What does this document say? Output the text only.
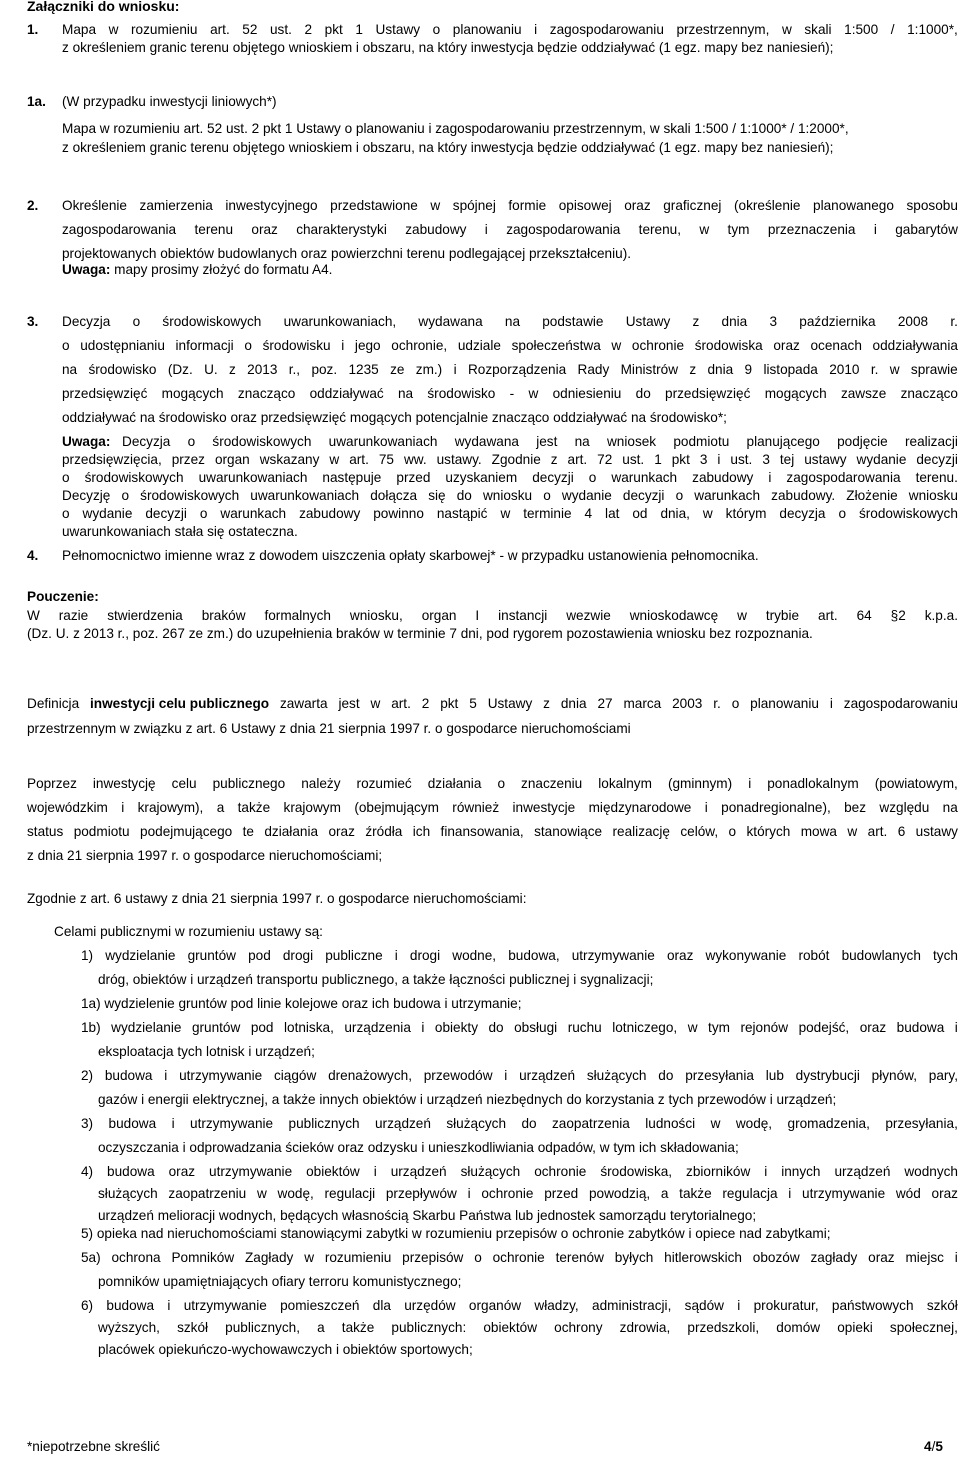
Załączniki do wniosku:
1. Mapa w rozumieniu art. 52 ust. 2 pkt 1 Ustawy o planowaniu i zagospodarowaniu przestrzennym, w skali 1:500 / 1:1000*,
z określeniem granic terenu objętego wnioskiem i obszaru, na który inwestycja będzie oddziaływać (1 egz. mapy bez naniesień);
1a. (W przypadku inwestycji liniowych*)
Mapa w rozumieniu art. 52 ust. 2 pkt 1 Ustawy o planowaniu i zagospodarowaniu przestrzennym, w skali 1:500 / 1:1000* / 1:2000*,
z określeniem granic terenu objętego wnioskiem i obszaru, na który inwestycja będzie oddziaływać (1 egz. mapy bez naniesień);
2. Określenie zamierzenia inwestycyjnego przedstawione w spójnej formie opisowej oraz graficznej (określenie planowanego sposobu
zagospodarowania terenu oraz charakterystyki zabudowy i zagospodarowania terenu, w tym przeznaczenia i gabarytów
projektowanych obiektów budowlanych oraz powierzchni terenu podlegającej przekształceniu).
Uwaga: mapy prosimy złożyć do formatu A4.
3. Decyzja o środowiskowych uwarunkowaniach, wydawana na podstawie Ustawy z dnia 3 października 2008 r.
o udostępnianiu informacji o środowisku i jego ochronie, udziale społeczeństwa w ochronie środowiska oraz ocenach oddziaływania
na środowisko (Dz. U. z 2013 r., poz. 1235 ze zm.) i Rozporządzenia Rady Ministrów z dnia 9 listopada 2010 r. w sprawie
przedsięwzięć mogących znacząco oddziaływać na środowisko - w odniesieniu do przedsięwzięć mogących zawsze znacząco
oddziaływać na środowisko oraz przedsięwzięć mogących potencjalnie znacząco oddziaływać na środowisko*;
Uwaga: Decyzja o środowiskowych uwarunkowaniach wydawana jest na wniosek podmiotu planującego podjęcie realizacji
przedsięwzięcia, przez organ wskazany w art. 75 ww. ustawy. Zgodnie z art. 72 ust. 1 pkt 3 i ust. 3 tej ustawy wydanie decyzji
o środowiskowych uwarunkowaniach następuje przed uzyskaniem decyzji o warunkach zabudowy i zagospodarowania terenu.
Decyzję o środowiskowych uwarunkowaniach dołącza się do wniosku o wydanie decyzji o warunkach zabudowy. Złożenie wniosku
o wydanie decyzji o warunkach zabudowy powinno nastąpić w terminie 4 lat od dnia, w którym decyzja o środowiskowych
uwarunkowaniach stała się ostateczna.
4. Pełnomocnictwo imienne wraz z dowodem uiszczenia opłaty skarbowej* - w przypadku ustanowienia pełnomocnika.
Pouczenie:
W razie stwierdzenia braków formalnych wniosku, organ I instancji wezwie wnioskodawcę w trybie art. 64 §2 k.p.a.
(Dz. U. z 2013 r., poz. 267 ze zm.) do uzupełnienia braków w terminie 7 dni, pod rygorem pozostawienia wniosku bez rozpoznania.
Definicja inwestycji celu publicznego zawarta jest w art. 2 pkt 5 Ustawy z dnia 27 marca 2003 r. o planowaniu i zagospodarowaniu
przestrzennym w związku z art. 6 Ustawy z dnia 21 sierpnia 1997 r. o gospodarce nieruchomościami
Poprzez inwestycję celu publicznego należy rozumieć działania o znaczeniu lokalnym (gminnym) i ponadlokalnym (powiatowym,
wojewódzkim i krajowym), a także krajowym (obejmującym również inwestycje międzynarodowe i ponadregionalne), bez względu na
status podmiotu podejmującego te działania oraz źródła ich finansowania, stanowiące realizację celów, o których mowa w art. 6 ustawy
z dnia 21 sierpnia 1997 r. o gospodarce nieruchomościami;
Zgodnie z art. 6 ustawy z dnia 21 sierpnia 1997 r. o gospodarce nieruchomościami:
Celami publicznymi w rozumieniu ustawy są:
1) wydzielanie gruntów pod drogi publiczne i drogi wodne, budowa, utrzymywanie oraz wykonywanie robót budowlanych tych
dróg, obiektów i urządzeń transportu publicznego, a także łączności publicznej i sygnalizacji;
1a) wydzielenie gruntów pod linie kolejowe oraz ich budowa i utrzymanie;
1b) wydzielanie gruntów pod lotniska, urządzenia i obiekty do obsługi ruchu lotniczego, w tym rejonów podejść, oraz budowa i
eksploatacja tych lotnisk i urządzeń;
2) budowa i utrzymywanie ciągów drenażowych, przewodów i urządzeń służących do przesyłania lub dystrybucji płynów, pary,
gazów i energii elektrycznej, a także innych obiektów i urządzeń niezbędnych do korzystania z tych przewodów i urządzeń;
3) budowa i utrzymywanie publicznych urządzeń służących do zaopatrzenia ludności w wodę, gromadzenia, przesyłania,
oczyszczania i odprowadzania ścieków oraz odzysku i unieszkodliwiania odpadów, w tym ich składowania;
4) budowa oraz utrzymywanie obiektów i urządzeń służących ochronie środowiska, zbiorników i innych urządzeń wodnych
służących zaopatrzeniu w wodę, regulacji przepływów i ochronie przed powodzią, a także regulacja i utrzymywanie wód oraz
urządzeń melioracji wodnych, będących własnością Skarbu Państwa lub jednostek samorządu terytorialnego;
5) opieka nad nieruchomościami stanowiącymi zabytki w rozumieniu przepisów o ochronie zabytków i opiece nad zabytkami;
5a) ochrona Pomników Zagłady w rozumieniu przepisów o ochronie terenów byłych hitlerowskich obozów zagłady oraz miejsc i
pomników upamiętniających ofiary terroru komunistycznego;
6) budowa i utrzymywanie pomieszczeń dla urzędów organów władzy, administracji, sądów i prokuratur, państwowych szkół
wyższych, szkół publicznych, a także publicznych: obiektów ochrony zdrowia, przedszkoli, domów opieki społecznej,
placówek opiekuńczo-wychowawczych i obiektów sportowych;
*niepotrzebne skreślić	4/5
